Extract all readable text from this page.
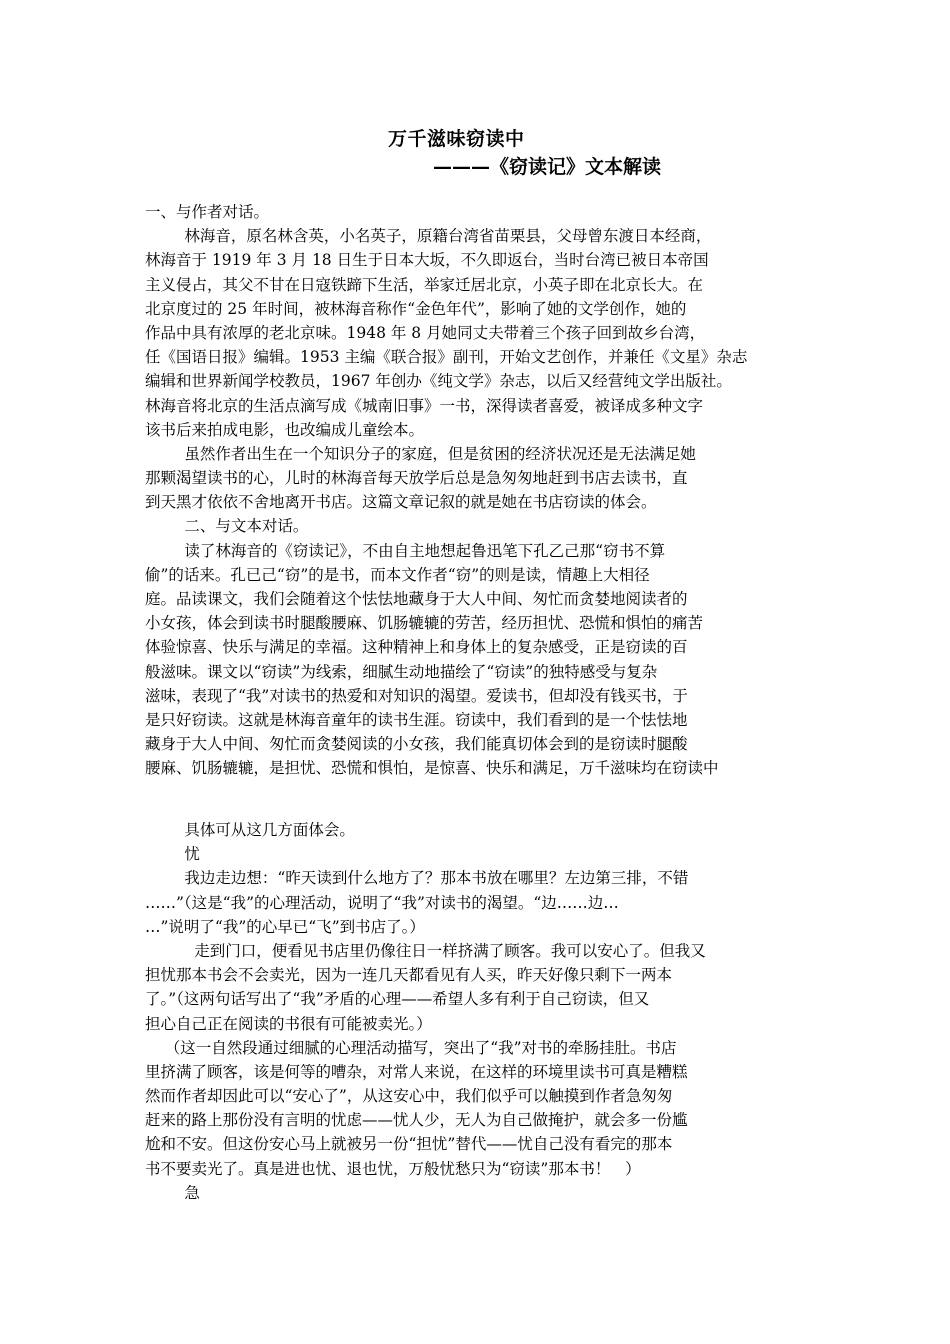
万千滋味窃读中
———《窃读记》文本解读
一、与作者对话。
林海音，原名林含英，小名英子，原籍台湾省苗栗县，父母曾东渡日本经商，
林海音于 1919 年 3 月 18 日生于日本大坂，不久即返台，当时台湾已被日本帝国
主义侵占，其父不甘在日寇铁蹄下生活，举家迁居北京，小英子即在北京长大。在
北京度过的 25 年时间，被林海音称作“金色年代”，影响了她的文学创作，她的
作品中具有浓厚的老北京味。1948 年 8 月她同丈夫带着三个孩子回到故乡台湾，
任《国语日报》编辑。1953 主编《联合报》副刊，开始文艺创作，并兼任《文星》杂志
编辑和世界新闻学校教员，1967 年创办《纯文学》杂志，以后又经营纯文学出版社。
林海音将北京的生活点滴写成《城南旧事》一书，深得读者喜爱，被译成多种文字
该书后来拍成电影，也改编成儿童绘本。
虽然作者出生在一个知识分子的家庭，但是贫困的经济状况还是无法满足她
那颗渴望读书的心，儿时的林海音每天放学后总是急匆匆地赶到书店去读书，直
到天黑才依依不舍地离开书店。这篇文章记叙的就是她在书店窃读的体会。
二、与文本对话。
读了林海音的《窃读记》，不由自主地想起鲁迅笔下孔乙己那“窃书不算
偷”的话来。孔已己“窃”的是书，而本文作者“窃”的则是读，情趣上大相径
庭。品读课文，我们会随着这个怯怯地藏身于大人中间、匆忙而贪婪地阅读者的
小女孩，体会到读书时腿酸腰麻、饥肠辘辘的劳苦，经历担忧、恐慌和惧怕的痛苦
体验惊喜、快乐与满足的幸福。这种精神上和身体上的复杂感受，正是窃读的百
般滋味。课文以“窃读”为线索，细腻生动地描绘了“窃读”的独特感受与复杂
滋味，表现了“我”对读书的热爱和对知识的渴望。爱读书，但却没有钱买书，于
是只好窃读。这就是林海音童年的读书生涯。窃读中，我们看到的是一个怯怯地
藏身于大人中间、匆忙而贪婪阅读的小女孩，我们能真切体会到的是窃读时腿酸
腰麻、饥肠辘辘，是担忧、恐慌和惧怕，是惊喜、快乐和满足，万千滋味均在窃读中
具体可从这几方面体会。
忧
我边走边想：“昨天读到什么地方了？那本书放在哪里？左边第三排，不错
……”（这是“我”的心理活动，说明了“我”对读书的渴望。“边……边…
…”说明了“我”的心早已“飞”到书店了。）
走到门口，便看见书店里仍像往日一样挤满了顾客。我可以安心了。但我又
担忧那本书会不会卖光，因为一连几天都看见有人买，昨天好像只剩下一两本
了。”（这两句话写出了“我”矛盾的心理——希望人多有利于自己窃读，但又
担心自己正在阅读的书很有可能被卖光。）
（这一自然段通过细腻的心理活动描写，突出了“我”对书的牵肠挂肚。书店
里挤满了顾客，该是何等的嘈杂，对常人来说，在这样的环境里读书可真是糟糕
然而作者却因此可以“安心了”，从这安心中，我们似乎可以触摸到作者急匆匆
赶来的路上那份没有言明的忧虑——忧人少，无人为自己做掩护，就会多一份尴
尬和不安。但这份安心马上就被另一份“担忧”替代——忧自己没有看完的那本
书不要卖光了。真是进也忧、退也忧，万般忧愁只为“窃读”那本书！   ）
急
